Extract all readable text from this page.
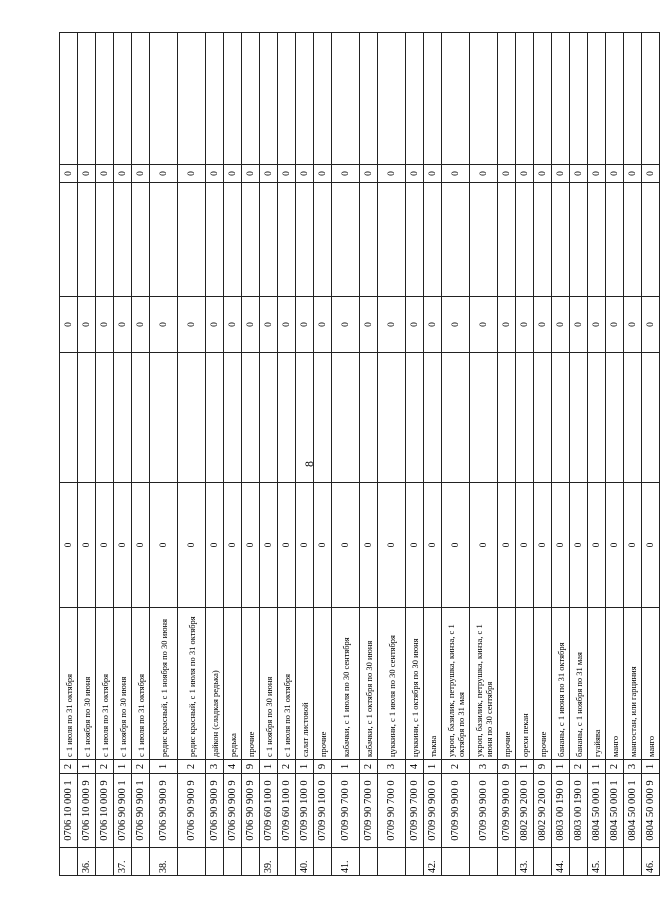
8
	0706 10 000 1	2	с 1 июля по 31 октября	0		0		0	
36.	0706 10 000 9	1	с 1 ноября по 30 июня	0		0		0	
	0706 10 000 9	2	с 1 июля по 31 октября	0		0		0	
37.	0706 90 900 1	1	с 1 ноября по 30 июня	0		0		0	
	0706 90 900 1	2	с 1 июля по 31 октября	0		0		0	
38.	0706 90 900 9	1	редис красный, с 1 ноября по 30 июня	0		0		0	
	0706 90 900 9	2	редис красный, с 1 июля по 31 октября	0		0		0	
	0706 90 900 9	3	дайкон (сладкая редька)	0		0		0	
	0706 90 900 9	4	редька	0		0		0	
	0706 90 900 9	9	прочие	0		0		0	
39.	0709 60 100 0	1	с 1 ноября по 30 июня	0		0		0	
	0709 60 100 0	2	с 1 июля по 31 октября	0		0		0	
40.	0709 90 100 0	1	салат листовой	0		0		0	
	0709 90 100 0	9	прочие	0		0		0	
41.	0709 90 700 0	1	кабачки, с 1 июля по 30 сентября	0		0		0	
	0709 90 700 0	2	кабачки, с 1 октября по 30 июня	0		0		0	
	0709 90 700 0	3	цуккини, с 1 июля по 30 сентября	0		0		0	
	0709 90 700 0	4	цуккини, с 1 октября по 30 июня	0		0		0	
42.	0709 90 900 0	1	тыква	0		0		0	
	0709 90 900 0	2	укроп, базилик, петрушка, кинза, с 1 октября по 31 мая	0		0		0	
	0709 90 900 0	3	укроп, базилик, петрушка, кинза, с 1 июня по 30 сентября	0		0		0	
	0709 90 900 0	9	прочие	0		0		0	
43.	0802 90 200 0	1	орехи пекан	0		0		0	
	0802 90 200 0	9	прочие	0		0		0	
44.	0803 00 190 0	1	бананы, с 1 июня по 31 октября	0		0		0	
	0803 00 190 0	2	бананы, с 1 ноября по 31 мая	0		0		0	
45.	0804 50 000 1	1	гуайява	0		0		0	
	0804 50 000 1	2	манго	0		0		0	
	0804 50 000 1	3	мангостан, или гарциния	0		0		0	
46.	0804 50 000 9	1	манго	0		0		0	
